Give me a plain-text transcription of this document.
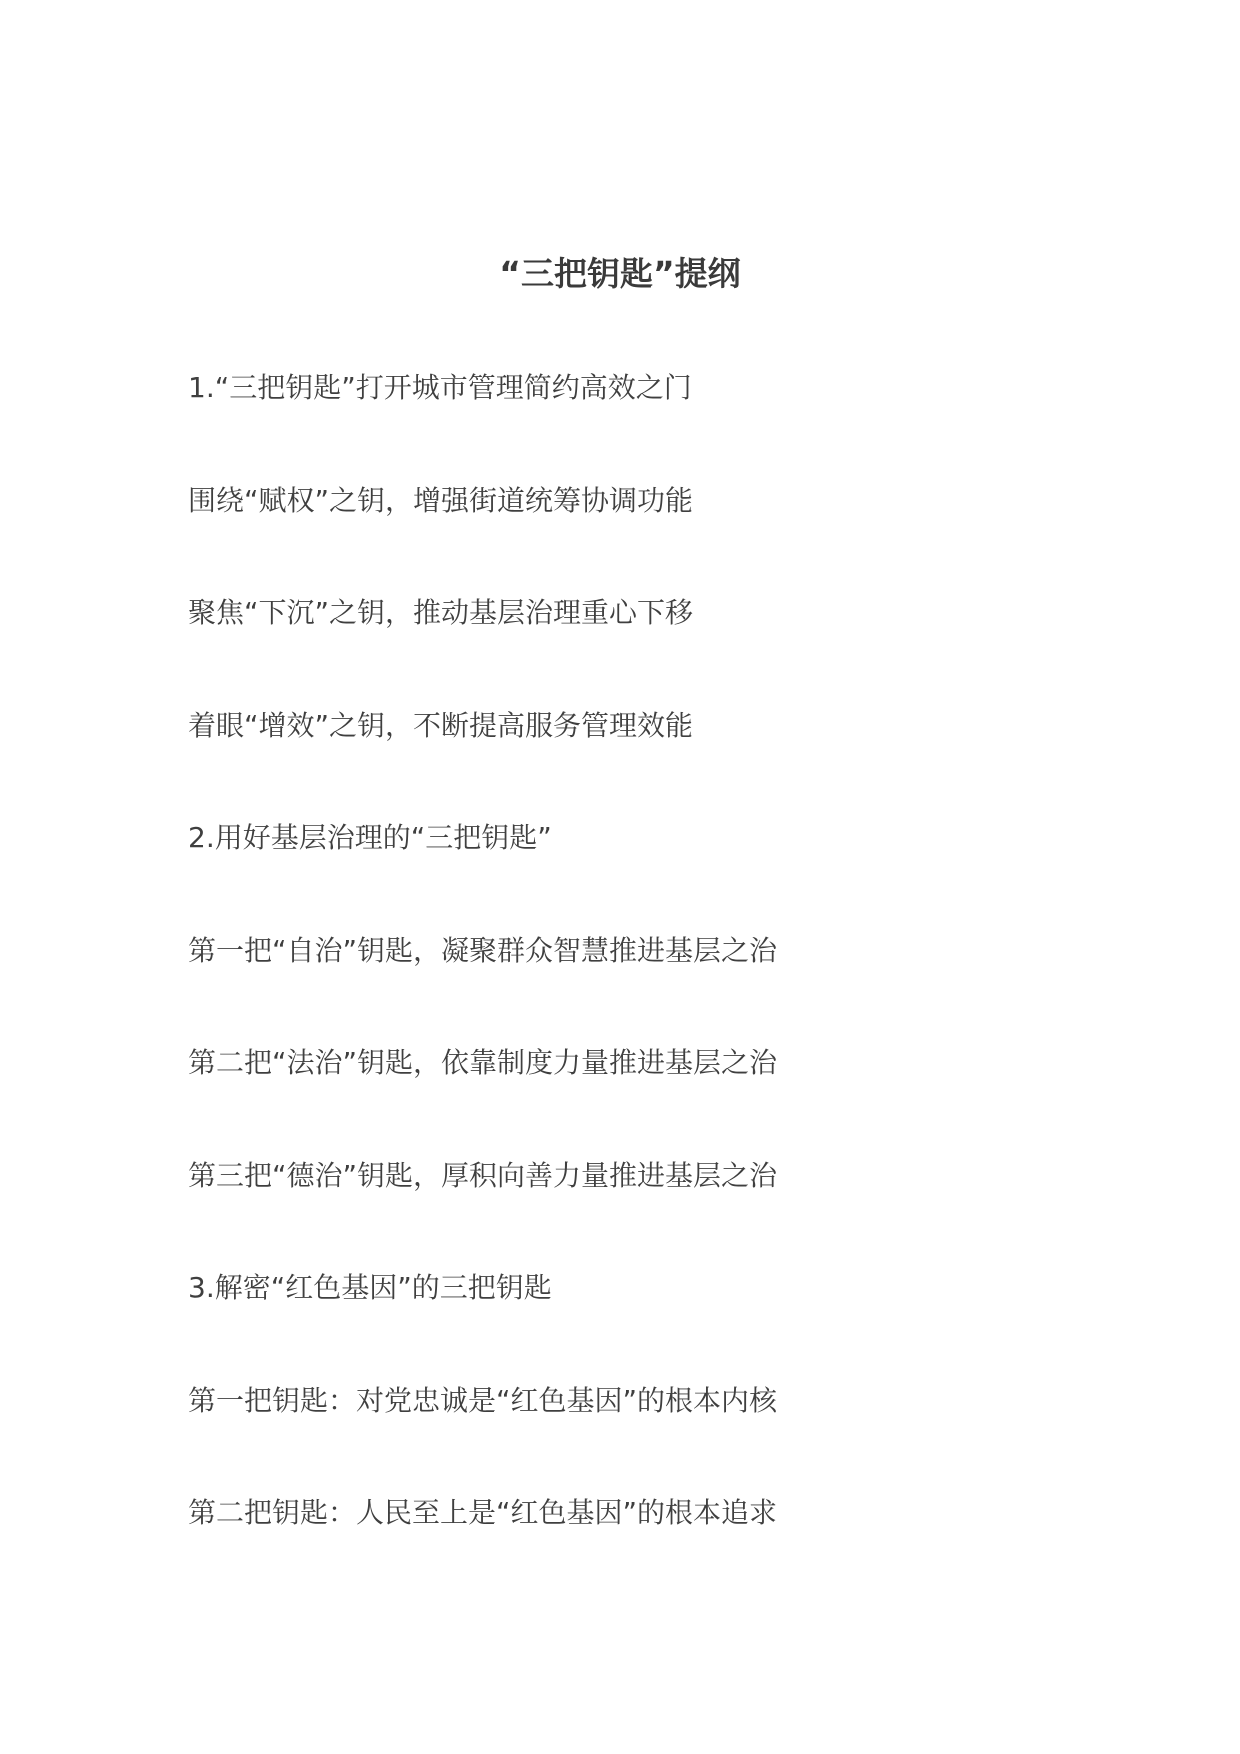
“三把钥匙”提纲
1.“三把钥匙”打开城市管理简约高效之门
围绕“赋权”之钥，增强街道统筹协调功能
聚焦“下沉”之钥，推动基层治理重心下移
着眼“增效”之钥，不断提高服务管理效能
2.用好基层治理的“三把钥匙”
第一把“自治”钥匙，凝聚群众智慧推进基层之治
第二把“法治”钥匙，依靠制度力量推进基层之治
第三把“德治”钥匙，厚积向善力量推进基层之治
3.解密“红色基因”的三把钥匙
第一把钥匙：对党忠诚是“红色基因”的根本内核
第二把钥匙：人民至上是“红色基因”的根本追求
